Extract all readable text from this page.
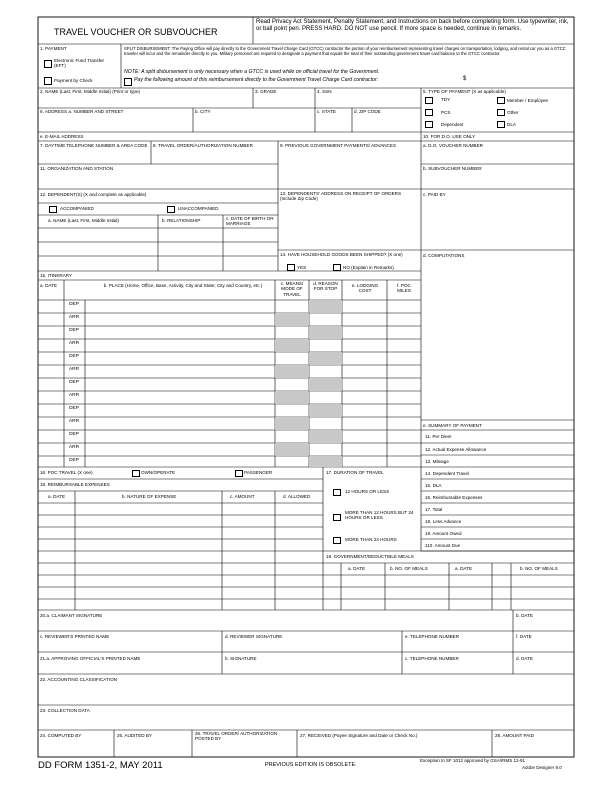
TRAVEL VOUCHER OR SUBVOUCHER
Read Privacy Act Statement, Penalty Statement, and Instructions on back before completing form. Use typewriter, ink, or ball point pen. PRESS HARD. DO NOT use pencil. If more space is needed, continue in remarks.
1. PAYMENT
Electronic Fund Transfer (EFT)
Payment by Check
SPLIT DISBURSEMENT: The Paying Office will pay directly to the Government Travel Charge Card (GTCC) contractor the portion of your reimbursement representing travel charges on transportation, lodging, and rental car you as a GTCC traveler will incur and the remainder directly to you. Military personnel are required to designate a payment that equals the total of their outstanding government travel card balance to the GTCC contractor.
NOTE: A split disbursement is only necessary when a GTCC is used while on official travel for the Government.
Pay the following amount of this reimbursement directly to the Government Travel Charge Card contractor:	$
2. NAME (Last, First, Middle Initial) (Print or type)	3. GRADE	4. SSN	5. TYPE OF PAYMENT (X as applicable)
TDY	Member / Employee
PCS	Other
Dependent	DLA
6. ADDRESS a. NUMBER AND STREET	b. CITY	c. STATE	d. ZIP CODE
10. FOR D.O. USE ONLY
e. E-MAIL ADDRESS
7. DAYTIME TELEPHONE NUMBER & AREA CODE 8. TRAVEL ORDER/AUTHORIZATION NUMBER	9. PREVIOUS GOVERNMENT PAYMENTS/ ADVANCES	a. D.O. VOUCHER NUMBER
11. ORGANIZATION AND STATION	b. SUBVOUCHER NUMBER
12. DEPENDENT(S) (X and complete as applicable)
ACCOMPANIED	UNACCOMPANIED
a. NAME (Last, First, Middle Initial)	b. RELATIONSHIP	c. DATE OF BIRTH OR MARRIAGE
13. DEPENDENTS' ADDRESS ON RECEIPT OF ORDERS (Include Zip Code)
c. PAID BY
14. HAVE HOUSEHOLD GOODS BEEN SHIPPED? (X one)
YES	NO (Explain in Remarks)
d. COMPUTATIONS
15. ITINERARY
a. DATE	b. PLACE (Home, Office, Base, Activity, City and State; City and Country, etc.)	c. MEANS/ MODE OF TRAVEL
d. REASON FOR STOP
e. LODGING COST
f. POC MILES
DEP
ARR
DEP
ARR
DEP
ARR
DEP
ARR
DEP
ARR
DEP
ARR
DEP
e. SUMMARY OF PAYMENT
11. Per Diem
12. Actual Expense Allowance
13. Mileage
14. Dependent Travel
15. DLA
16. Reimbursable Expenses
17. Total
18. Less Advance
19. Amount Owed
110. Amount Due
16. POC TRAVEL (X one)	OWN/OPERATE	PASSENGER	17. DURATION OF TRAVEL
12 HOURS OR LESS
MORE THAN 12 HOURS BUT 24 HOURS OR LESS
MORE THAN 24 HOURS
18. REIMBURSABLE EXPENSES
a. DATE	b. NATURE OF EXPENSE	c. AMOUNT	d. ALLOWED
19. GOVERNMENT/DEDUCTIBLE MEALS
a. DATE	b. NO. OF MEALS	a. DATE	b. NO. OF MEALS
20.a. CLAIMANT SIGNATURE	b. DATE
c. REVIEWER'S PRINTED NAME	d. REVIEWER SIGNATURE	e. TELEPHONE NUMBER	f. DATE
21.a. APPROVING OFFICIAL'S PRINTED NAME	b. SIGNATURE	c. TELEPHONE NUMBER	d. DATE
22. ACCOUNTING CLASSIFICATION
23. COLLECTION DATA
24. COMPUTED BY	25. AUDITED BY	26. TRAVEL ORDER/ AUTHORIZATION POSTED BY
27. RECEIVED (Payee Signature and Date or Check No.)	28. AMOUNT PAID
DD FORM 1351-2, MAY 2011	PREVIOUS EDITION IS OBSOLETE.
Exception to SF 1012 approved by GSA/IRMS 12-91
Adobe Designer 9.0
